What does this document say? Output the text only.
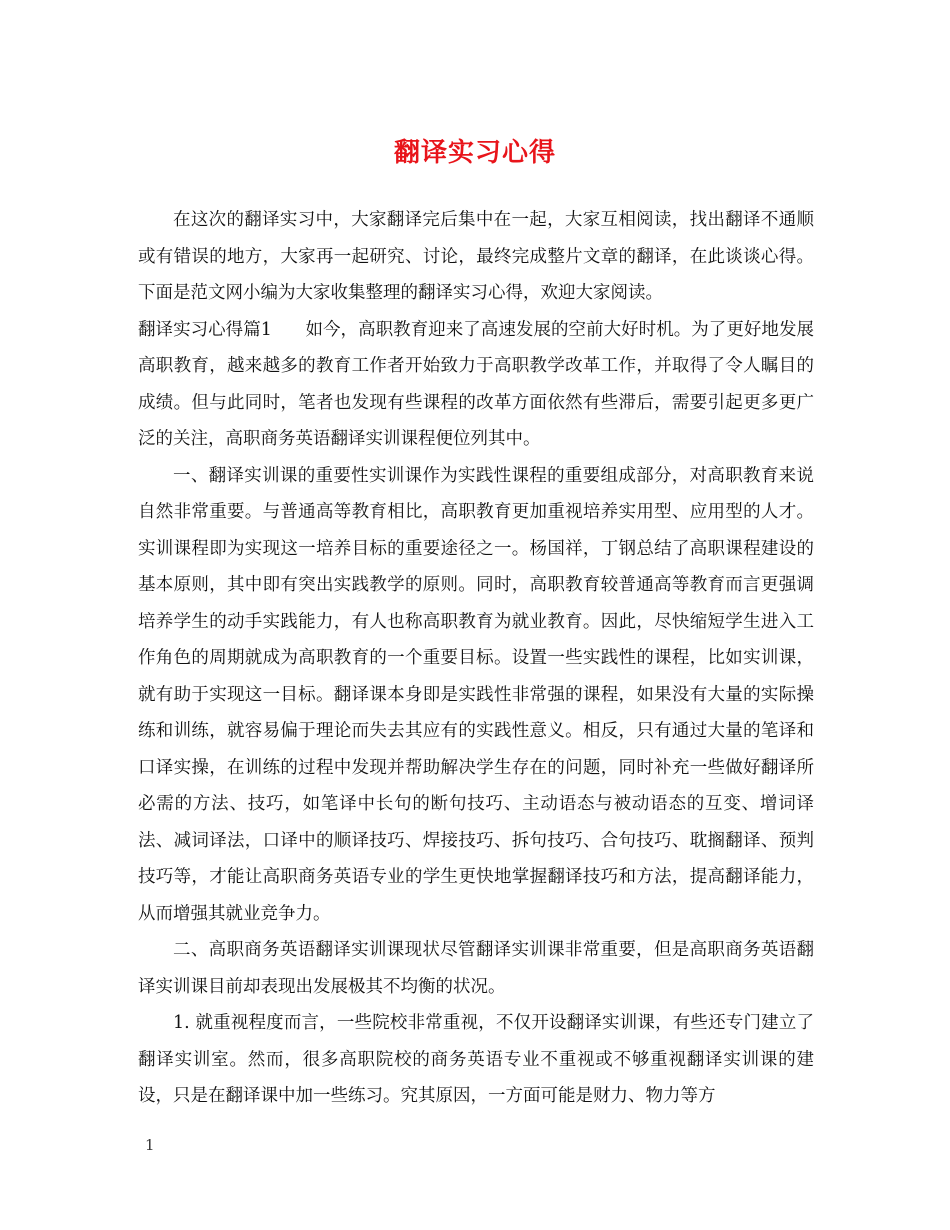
翻译实习心得

在这次的翻译实习中，大家翻译完后集中在一起，大家互相阅读，找出翻译不通顺或有错误的地方，大家再一起研究、讨论，最终完成整片文章的翻译，在此谈谈心得。下面是范文网小编为大家收集整理的翻译实习心得，欢迎大家阅读。

翻译实习心得篇1 如今，高职教育迎来了高速发展的空前大好时机。为了更好地发展高职教育，越来越多的教育工作者开始致力于高职教学改革工作，并取得了令人瞩目的成绩。但与此同时，笔者也发现有些课程的改革方面依然有些滞后，需要引起更多更广泛的关注，高职商务英语翻译实训课程便位列其中。

一、翻译实训课的重要性实训课作为实践性课程的重要组成部分，对高职教育来说自然非常重要。与普通高等教育相比，高职教育更加重视培养实用型、应用型的人才。实训课程即为实现这一培养目标的重要途径之一。杨国祥，丁钢总结了高职课程建设的基本原则，其中即有突出实践教学的原则。同时，高职教育较普通高等教育而言更强调培养学生的动手实践能力，有人也称高职教育为就业教育。因此，尽快缩短学生进入工作角色的周期就成为高职教育的一个重要目标。设置一些实践性的课程，比如实训课，就有助于实现这一目标。翻译课本身即是实践性非常强的课程，如果没有大量的实际操练和训练，就容易偏于理论而失去其应有的实践性意义。相反，只有通过大量的笔译和口译实操，在训练的过程中发现并帮助解决学生存在的问题，同时补充一些做好翻译所必需的方法、技巧，如笔译中长句的断句技巧、主动语态与被动语态的互变、增词译法、减词译法，口译中的顺译技巧、焊接技巧、拆句技巧、合句技巧、耽搁翻译、预判技巧等，才能让高职商务英语专业的学生更快地掌握翻译技巧和方法，提高翻译能力，从而增强其就业竞争力。

二、高职商务英语翻译实训课现状尽管翻译实训课非常重要，但是高职商务英语翻译实训课目前却表现出发展极其不均衡的状况。

1. 就重视程度而言，一些院校非常重视，不仅开设翻译实训课，有些还专门建立了翻译实训室。然而，很多高职院校的商务英语专业不重视或不够重视翻译实训课的建设，只是在翻译课中加一些练习。究其原因，一方面可能是财力、物力等方

1
